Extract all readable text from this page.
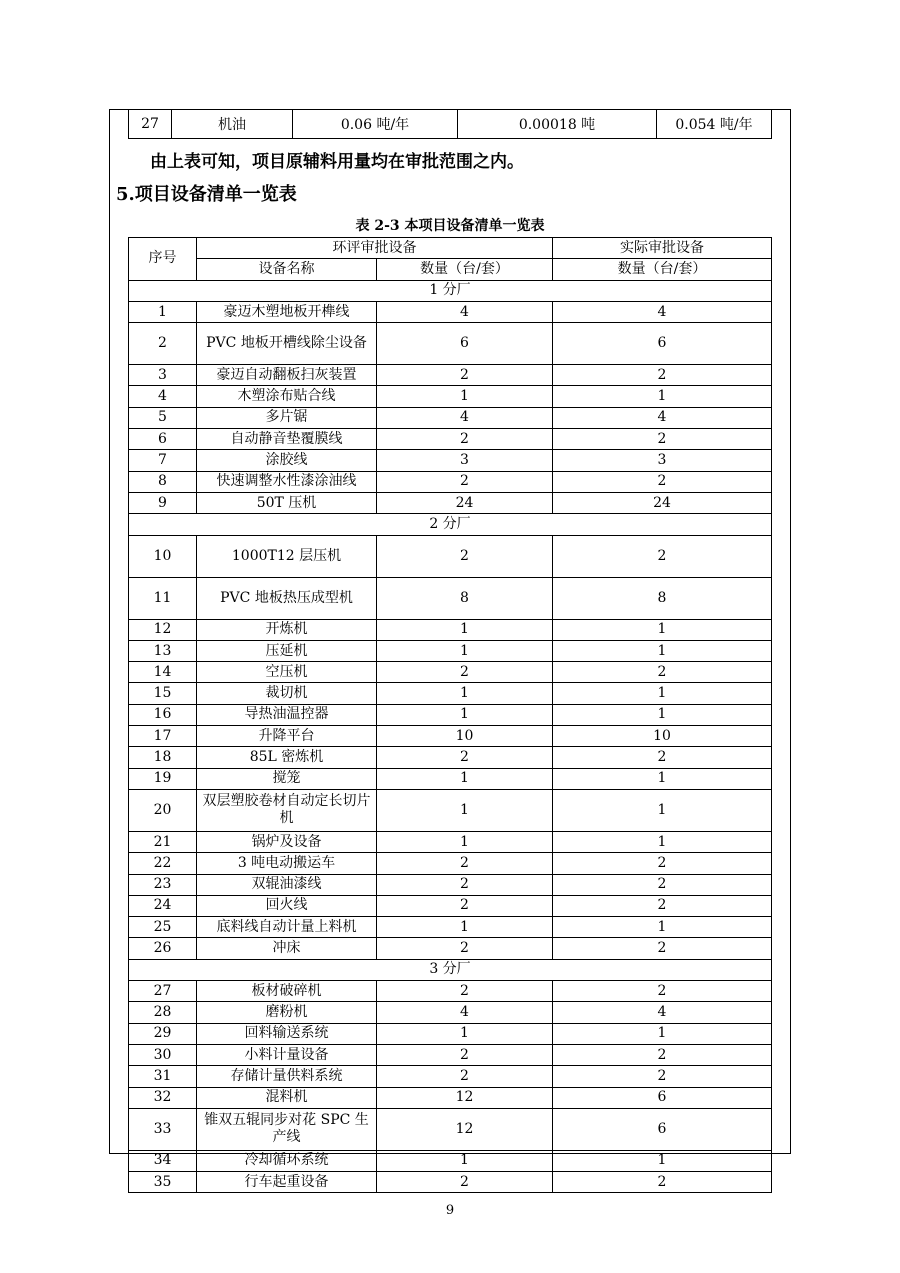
27	机油	0.06 吨/年	0.00018 吨	0.054 吨/年
由上表可知，项目原辅料用量均在审批范围之内。
5.项目设备清单一览表
表 2-3 本项目设备清单一览表
序号	环评审批设备		实际审批设备
	设备名称	数量（台/套）	数量（台/套）
1 分厂			
1	豪迈木塑地板开榫线	4	4
2	PVC 地板开槽线除尘设备	6	6
3	豪迈自动翻板扫灰装置	2	2
4	木塑涂布贴合线	1	1
5	多片锯	4	4
6	自动静音垫覆膜线	2	2
7	涂胶线	3	3
8	快速调整水性漆涂油线	2	2
9	50T 压机	24	24
2 分厂			
10	1000T12 层压机	2	2
11	PVC 地板热压成型机	8	8
12	开炼机	1	1
13	压延机	1	1
14	空压机	2	2
15	裁切机	1	1
16	导热油温控器	1	1
17	升降平台	10	10
18	85L 密炼机	2	2
19	搅笼	1	1
20	双层塑胶卷材自动定长切片机	1	1
21	锅炉及设备	1	1
22	3 吨电动搬运车	2	2
23	双辊油漆线	2	2
24	回火线	2	2
25	底料线自动计量上料机	1	1
26	冲床	2	2
3 分厂			
27	板材破碎机	2	2
28	磨粉机	4	4
29	回料输送系统	1	1
30	小料计量设备	2	2
31	存储计量供料系统	2	2
32	混料机	12	6
33	锥双五辊同步对花 SPC 生产线	12	6
34	冷却循环系统	1	1
35	行车起重设备	2	2
9
